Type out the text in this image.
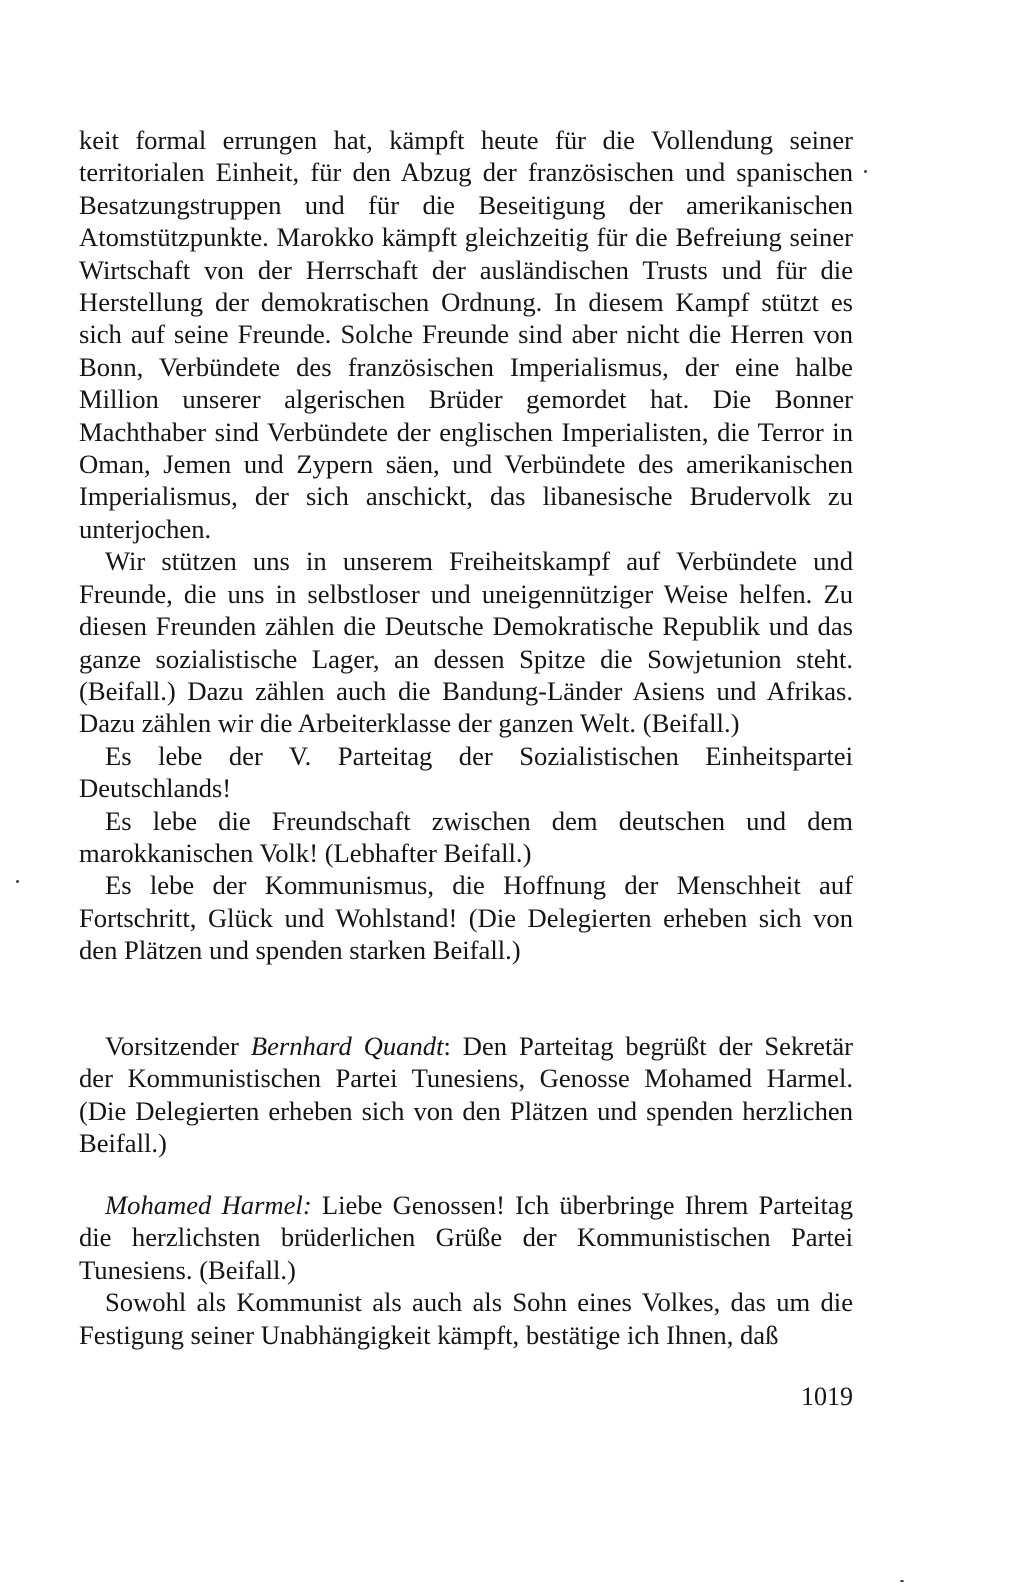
keit formal errungen hat, kämpft heute für die Vollendung seiner territorialen Einheit, für den Abzug der französischen und spanischen Besatzungstruppen und für die Beseitigung der amerikanischen Atomstützpunkte. Marokko kämpft gleichzeitig für die Befreiung seiner Wirtschaft von der Herrschaft der ausländischen Trusts und für die Herstellung der demokratischen Ordnung. In diesem Kampf stützt es sich auf seine Freunde. Solche Freunde sind aber nicht die Herren von Bonn, Verbündete des französischen Imperialismus, der eine halbe Million unserer algerischen Brüder gemordet hat. Die Bonner Machthaber sind Verbündete der englischen Imperialisten, die Terror in Oman, Jemen und Zypern säen, und Verbündete des amerikanischen Imperialismus, der sich anschickt, das libanesische Brudervolk zu unterjochen.

Wir stützen uns in unserem Freiheitskampf auf Verbündete und Freunde, die uns in selbstloser und uneigennütziger Weise helfen. Zu diesen Freunden zählen die Deutsche Demokratische Republik und das ganze sozialistische Lager, an dessen Spitze die Sowjetunion steht. (Beifall.) Dazu zählen auch die Bandung-Länder Asiens und Afrikas. Dazu zählen wir die Arbeiterklasse der ganzen Welt. (Beifall.)

Es lebe der V. Parteitag der Sozialistischen Einheitspartei Deutschlands!

Es lebe die Freundschaft zwischen dem deutschen und dem marokkanischen Volk! (Lebhafter Beifall.)

Es lebe der Kommunismus, die Hoffnung der Menschheit auf Fortschritt, Glück und Wohlstand! (Die Delegierten erheben sich von den Plätzen und spenden starken Beifall.)

Vorsitzender Bernhard Quandt: Den Parteitag begrüßt der Sekretär der Kommunistischen Partei Tunesiens, Genosse Mohamed Harmel. (Die Delegierten erheben sich von den Plätzen und spenden herzlichen Beifall.)

Mohamed Harmel: Liebe Genossen! Ich überbringe Ihrem Parteitag die herzlichsten brüderlichen Grüße der Kommunistischen Partei Tunesiens. (Beifall.)

Sowohl als Kommunist als auch als Sohn eines Volkes, das um die Festigung seiner Unabhängigkeit kämpft, bestätige ich Ihnen, daß

1019
